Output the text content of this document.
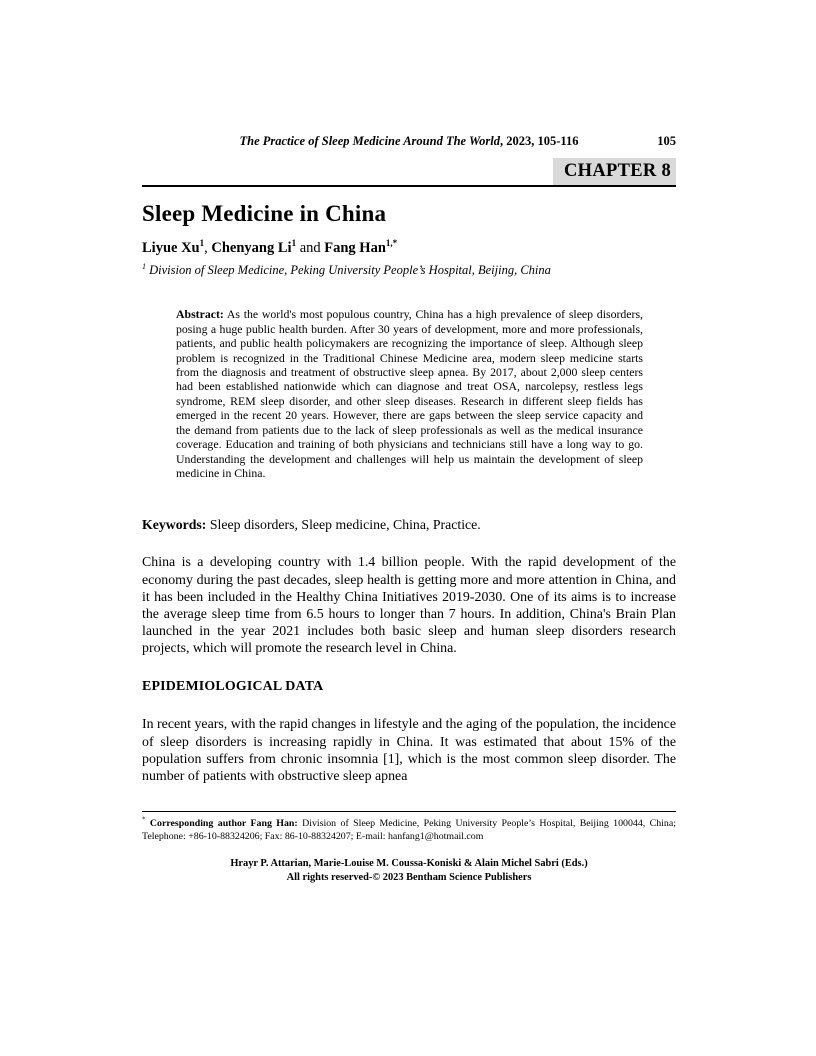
The Practice of Sleep Medicine Around The World, 2023, 105-116	105
CHAPTER 8
Sleep Medicine in China

Liyue Xu$^1$, Chenyang Li$^1$ and Fang Han$^{1,*}$

$^1$ Division of Sleep Medicine, Peking University People’s Hospital, Beijing, China

Abstract: As the world's most populous country, China has a high prevalence of sleep disorders, posing a huge public health burden. After 30 years of development, more and more professionals, patients, and public health policymakers are recognizing the importance of sleep. Although sleep problem is recognized in the Traditional Chinese Medicine area, modern sleep medicine starts from the diagnosis and treatment of obstructive sleep apnea. By 2017, about 2,000 sleep centers had been established nationwide which can diagnose and treat OSA, narcolepsy, restless legs syndrome, REM sleep disorder, and other sleep diseases. Research in different sleep fields has emerged in the recent 20 years. However, there are gaps between the sleep service capacity and the demand from patients due to the lack of sleep professionals as well as the medical insurance coverage. Education and training of both physicians and technicians still have a long way to go. Understanding the development and challenges will help us maintain the development of sleep medicine in China.

Keywords: Sleep disorders, Sleep medicine, China, Practice.

China is a developing country with 1.4 billion people. With the rapid development of the economy during the past decades, sleep health is getting more and more attention in China, and it has been included in the Healthy China Initiatives 2019-2030. One of its aims is to increase the average sleep time from 6.5 hours to longer than 7 hours. In addition, China's Brain Plan launched in the year 2021 includes both basic sleep and human sleep disorders research projects, which will promote the research level in China.

EPIDEMIOLOGICAL DATA

In recent years, with the rapid changes in lifestyle and the aging of the population, the incidence of sleep disorders is increasing rapidly in China. It was estimated that about 15% of the population suffers from chronic insomnia [1], which is the most common sleep disorder. The number of patients with obstructive sleep apnea

* Corresponding author Fang Han: Division of Sleep Medicine, Peking University People’s Hospital, Beijing 100044, China; Telephone: +86-10-88324206; Fax: 86-10-88324207; E-mail: hanfang1@hotmail.com

Hrayr P. Attarian, Marie-Louise M. Coussa-Koniski & Alain Michel Sabri (Eds.)
All rights reserved-© 2023 Bentham Science Publishers
